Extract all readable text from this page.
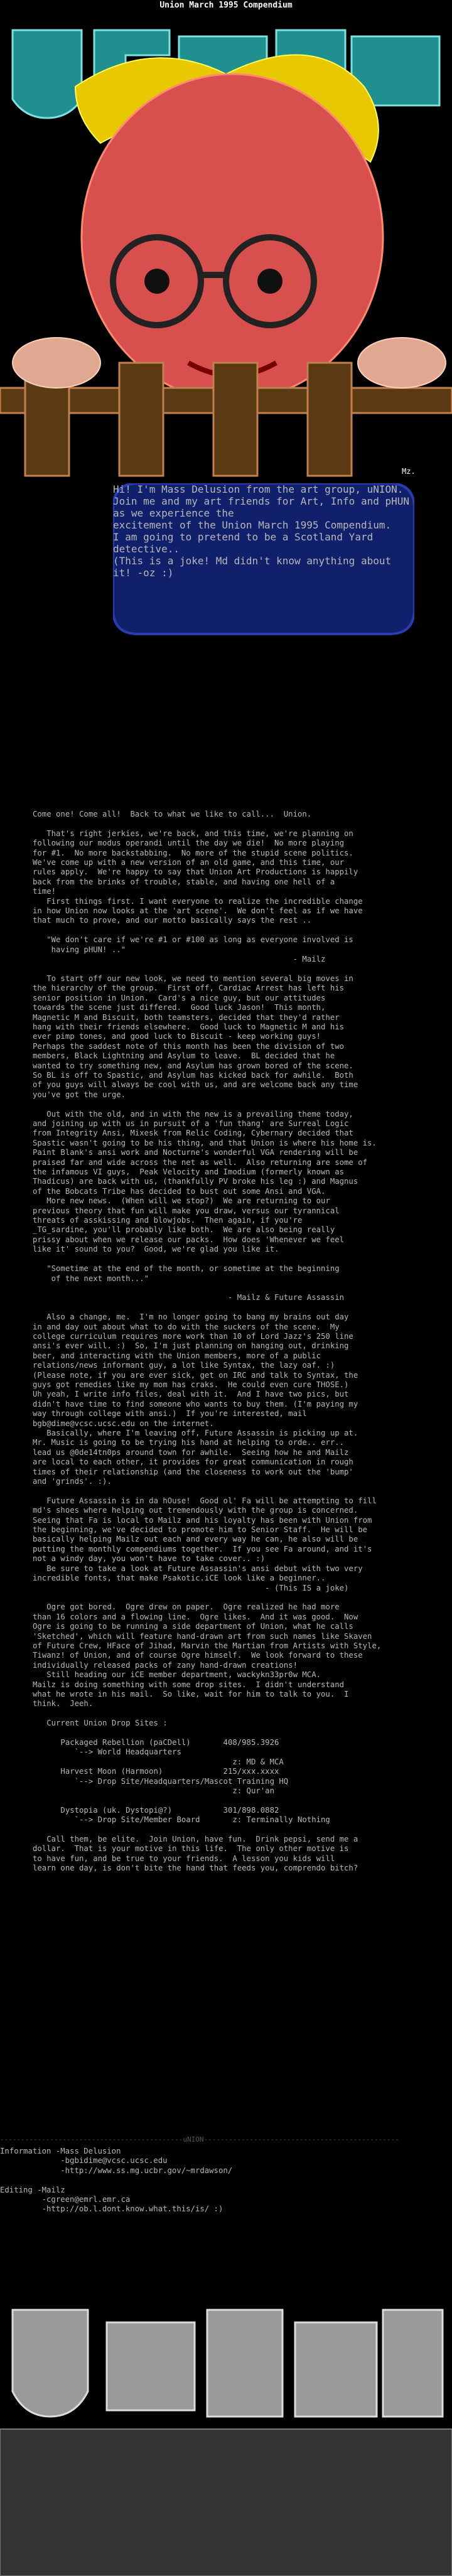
Union March 1995 Compendium
Mz.
Hi! I'm Mass Delusion from the art group, uNION.
Join me and my art friends for Art, Info and pHUN as we experience the
excitement of the Union March 1995 Compendium.
I am going to pretend to be a Scotland Yard detective..
(This is a joke! Md didn't know anything about it! -oz :)
Come one! Come all!  Back to what we like to call...  Union.

That's right jerkies, we're back, and this time, we're planning on
following our modus operandi until the day we die!  No more playing
for #1.  No more backstabbing.  No more of the stupid scene politics.
We've come up with a new version of an old game, and this time, our
rules apply.  We're happy to say that Union Art Productions is happily
back from the brinks of trouble, stable, and having one hell of a
time!
First things first. I want everyone to realize the incredible change
in how Union now looks at the 'art scene'.  We don't feel as if we have
that much to prove, and our motto basically says the rest ..

"We don't care if we're #1 or #100 as long as everyone involved is
having pHUN! .."
- Mailz

To start off our new look, we need to mention several big moves in
the hierarchy of the group.  First off, Cardiac Arrest has left his
senior position in Union.  Card's a nice guy, but our attitudes
towards the scene just differed.  Good luck Jason!  This month,
Magnetic M and Biscuit, both teamsters, decided that they'd rather
hang with their friends elsewhere.  Good luck to Magnetic M and his
ever pimp tones, and good luck to Biscuit - keep working guys!
Perhaps the saddest note of this month has been the division of two
members, Black Lightning and Asylum to leave.  BL decided that he
wanted to try something new, and Asylum has grown bored of the scene.
So BL is off to Spastic, and Asylum has kicked back for awhile.  Both
of you guys will always be cool with us, and are welcome back any time
you've got the urge.

Out with the old, and in with the new is a prevailing theme today,
and joining up with us in pursuit of a 'fun thang' are Surreal Logic
from Integrity Ansi, Mixesk from Relic Coding, Cybernary decided that
Spastic wasn't going to be his thing, and that Union is where his home is.
Paint Blank's ansi work and Nocturne's wonderful VGA rendering will be
praised far and wide across the net as well.  Also returning are some of
the infamous VI guys,  Peak Velocity and Imodium (formerly known as
Thadicus) are back with us, (thankfully PV broke his leg :) and Magnus
of the Bobcats Tribe has decided to bust out some Ansi and VGA.
More new news.  (When will we stop?)  We are returning to our
previous theory that fun will make you draw, versus our tyrannical
threats of asskissing and blowjobs.  Then again, if you're
_TG_sardine, you'll probably like both.  We are also being really
prissy about when we release our packs.  How does 'Whenever we feel
like it' sound to you?  Good, we're glad you like it.

"Sometime at the end of the month, or sometime at the beginning
of the next month..."

- Mailz & Future Assassin

Also a change, me.  I'm no longer going to bang my brains out day
in and day out about what to do with the suckers of the scene.  My
college curriculum requires more work than 10 of Lord Jazz's 250 line
ansi's ever will. :)  So, I'm just planning on hanging out, drinking
beer, and interacting with the Union members, more of a public
relations/news informant guy, a lot like Syntax, the lazy oaf. :)
(Please note, if you are ever sick, get on IRC and talk to Syntax, the
guys got remedies like my mom has craks.  He could even cure THOSE.)
Uh yeah, I write info files, deal with it.  And I have two pics, but
didn't have time to find someone who wants to buy them. (I'm paying my
way through college with ansi.)  If you're interested, mail
bgb@dime@vcsc.ucsc.edu on the internet.
Basically, where I'm leaving off, Future Assassin is picking up at.
Mr. Music is going to be trying his hand at helping to orde.. err..
lead us @0de14tn0ps around town for awhile.  Seeing how he and Mailz
are local to each other, it provides for great communication in rough
times of their relationship (and the closeness to work out the 'bump'
and 'grinds'. :).

Future Assassin is in da hOuse!  Good ol' Fa will be attempting to fill
md's shoes where helping out tremendously with the group is concerned.
Seeing that Fa is local to Mailz and his loyalty has been with Union from
the beginning, we've decided to promote him to Senior Staff.  He will be
basically helping Mailz out each and every way he can, he also will be
putting the monthly compendiums together.  If you see Fa around, and it's
not a windy day, you won't have to take cover.. :)
Be sure to take a look at Future Assassin's ansi debut with two very
incredible fonts, that make Psakotic.iCE look like a beginner..
- (This IS a joke)

Ogre got bored.  Ogre drew on paper.  Ogre realized he had more
than 16 colors and a flowing line.  Ogre likes.  And it was good.  Now
Ogre is going to be running a side department of Union, what he calls
'Sketched', which will feature hand-drawn art from such names like Skaven
of Future Crew, HFace of Jihad, Marvin the Martian from Artists with Style,
Tiwanz! of Union, and of course Ogre himself.  We look forward to these
individually released packs of zany hand-drawn creations!
Still heading our iCE member department, wackykn33pr0w MCA.
Mailz is doing something with some drop sites.  I didn't understand
what he wrote in his mail.  So like, wait for him to talk to you.  I
think.  Jeeh.

Current Union Drop Sites :

Packaged Rebellion (paCDell)       408/985.3926
`--> World Headquarters
z: MD & MCA
Harvest Moon (Harmoon)             215/xxx.xxxx
`--> Drop Site/Headquarters/Mascot Training HQ
z: Qur'an

Dystopia (uk. Dystopi@?)           301/898.0882
`--> Drop Site/Member Board       z: Terminally Nothing

Call them, be elite.  Join Union, have fun.  Drink pepsi, send me a
dollar.  That is your motive in this life.  The only other motive is
to have fun, and be true to your friends.  A lesson you kids will
learn one day, is don't bite the hand that feeds you, comprendo bitch?
--------------------------------------------uNION-----------------------------------------------
Information -Mass Delusion
-bgbidime@vcsc.ucsc.edu
-http://www.ss.mg.ucbr.gov/~mrdawson/

Editing -Mailz
-cgreen@emrl.emr.ca
-http://ob.l.dont.know.what.this/is/ :)
